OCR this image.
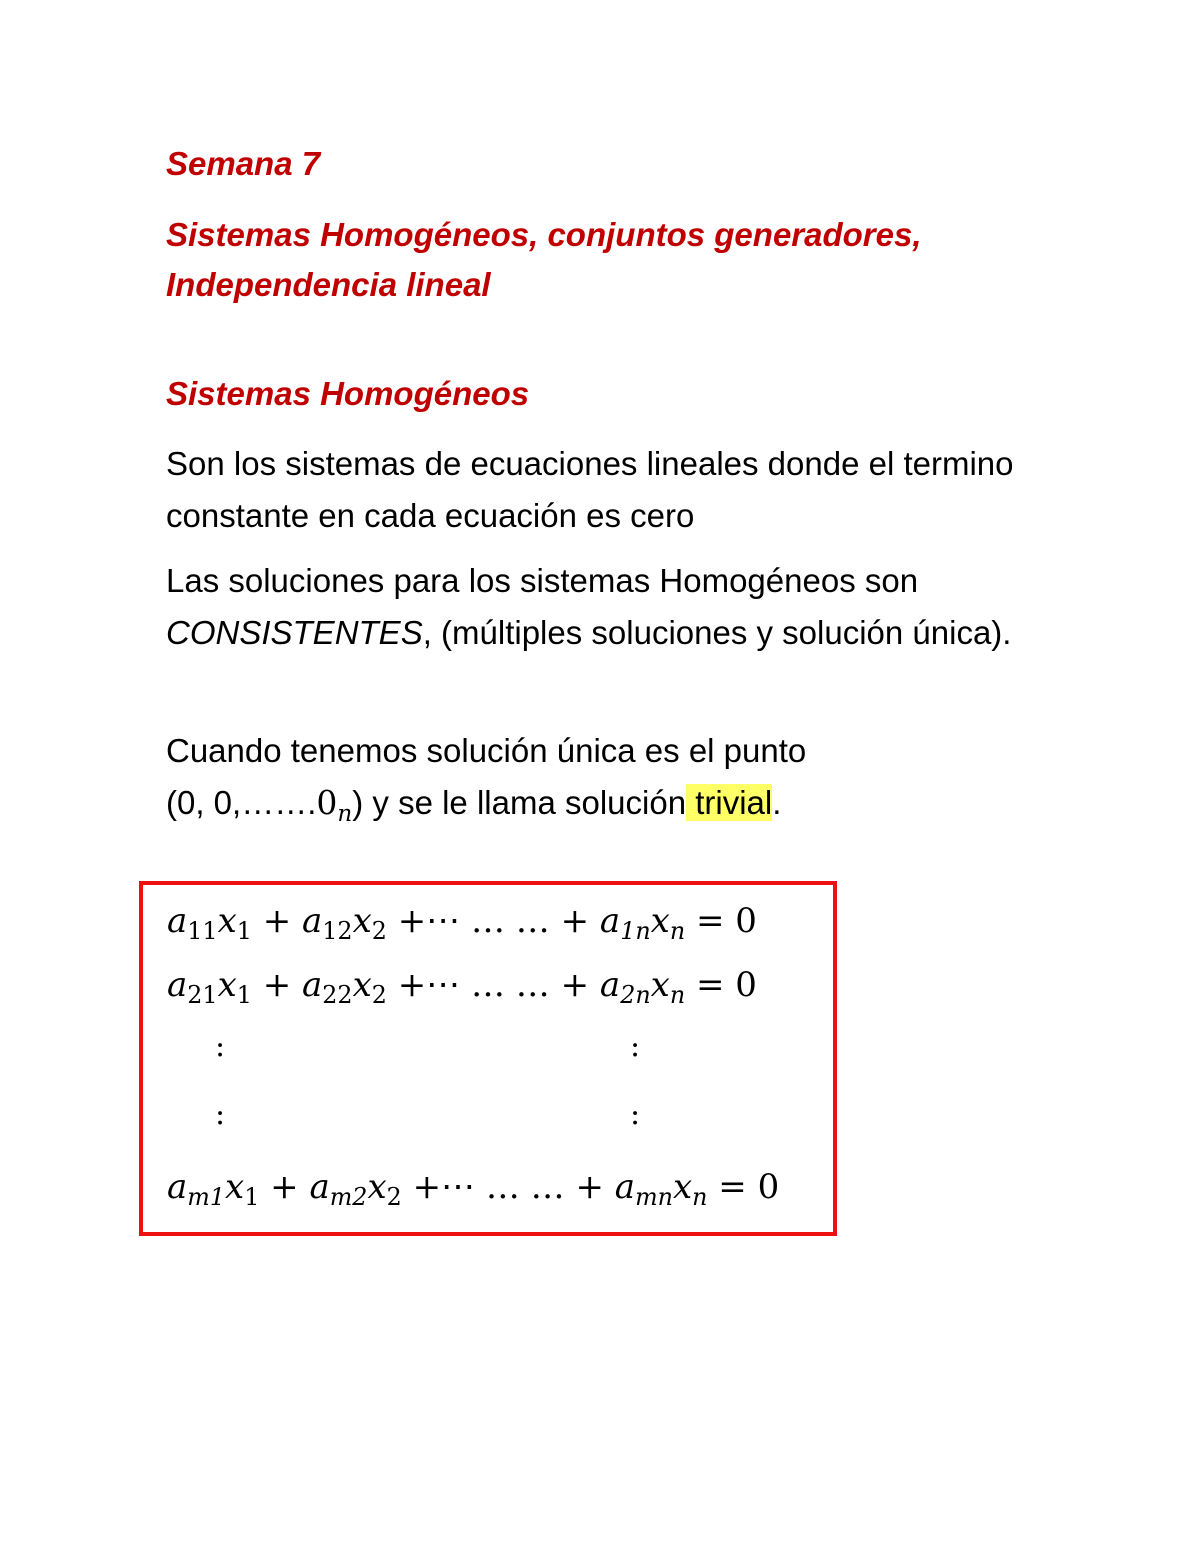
Semana 7
Sistemas Homogéneos, conjuntos generadores, Independencia lineal
Sistemas Homogéneos
Son los sistemas de ecuaciones lineales donde el termino constante en cada ecuación es cero
Las soluciones para los sistemas Homogéneos son CONSISTENTES, (múltiples soluciones y solución única).
Cuando tenemos solución única es el punto
(0, $0,\dots\dots.0_n$) y se le llama solución trivial.
$a_{11}x_1 + a_{12}x_2$ +⋯ … … + $a_{1n}x_n = 0$
$a_{21}x_1 + a_{22}x_2$ +⋯ … … + $a_{2n}x_n = 0$
:	:
:	:
$a_{m1}x_1 + a_{m2}x_2$ +⋯ … … + $a_{mn}x_n = 0$
